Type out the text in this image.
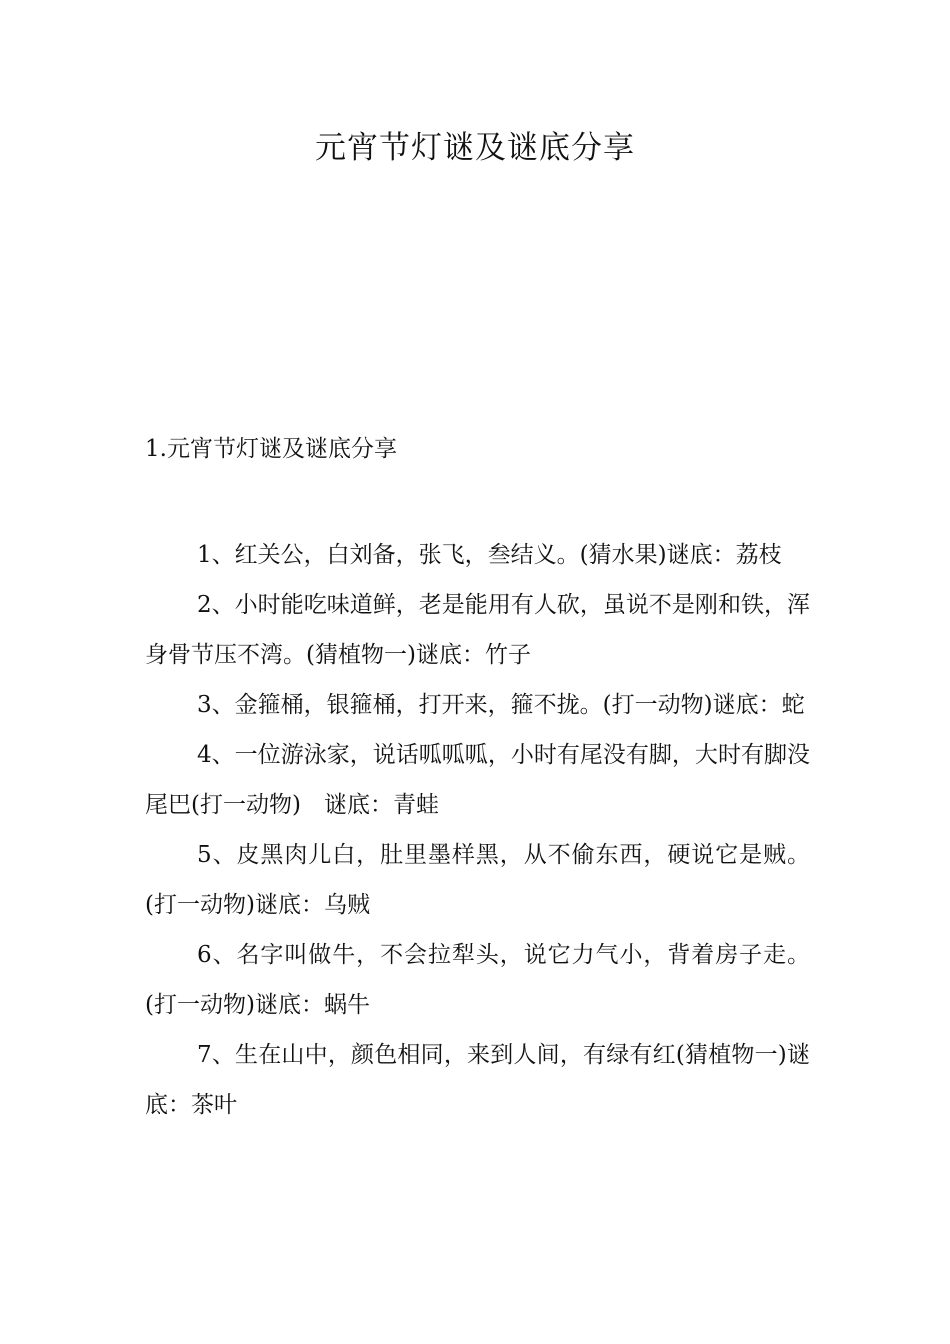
元宵节灯谜及谜底分享

1.元宵节灯谜及谜底分享

1、红关公，白刘备，张飞，叁结义。(猜水果)谜底：荔枝

2、小时能吃味道鲜，老是能用有人砍，虽说不是刚和铁，浑身骨节压不湾。(猜植物一)谜底：竹子

3、金箍桶，银箍桶，打开来，箍不拢。(打一动物)谜底：蛇

4、一位游泳家，说话呱呱呱，小时有尾没有脚，大时有脚没尾巴(打一动物)　谜底：青蛙

5、皮黑肉儿白，肚里墨样黑，从不偷东西，硬说它是贼。(打一动物)谜底：乌贼

6、名字叫做牛，不会拉犁头，说它力气小，背着房子走。(打一动物)谜底：蜗牛

7、生在山中，颜色相同，来到人间，有绿有红(猜植物一)谜底：茶叶
